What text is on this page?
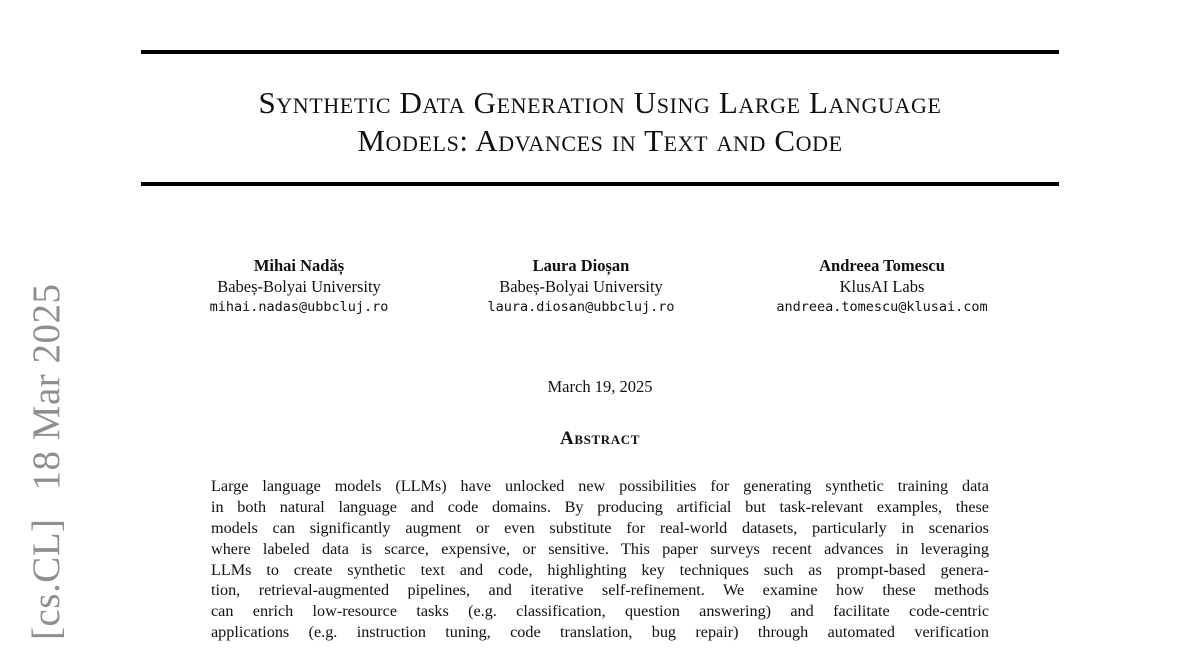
[cs.CL]
18 Mar 2025
Synthetic Data Generation Using Large Language
Models: Advances in Text and Code
Mihai Nadăș
Babeș-Bolyai University
mihai.nadas@ubbcluj.ro
Laura Dioșan
Babeș-Bolyai University
laura.diosan@ubbcluj.ro
Andreea Tomescu
KlusAI Labs
andreea.tomescu@klusai.com
March 19, 2025
Abstract
Large language models (LLMs) have unlocked new possibilities for generating synthetic training data
in both natural language and code domains. By producing artificial but task-relevant examples, these
models can significantly augment or even substitute for real-world datasets, particularly in scenarios
where labeled data is scarce, expensive, or sensitive. This paper surveys recent advances in leveraging
LLMs to create synthetic text and code, highlighting key techniques such as prompt-based genera-
tion, retrieval-augmented pipelines, and iterative self-refinement. We examine how these methods
can enrich low-resource tasks (e.g. classification, question answering) and facilitate code-centric
applications (e.g. instruction tuning, code translation, bug repair) through automated verification
